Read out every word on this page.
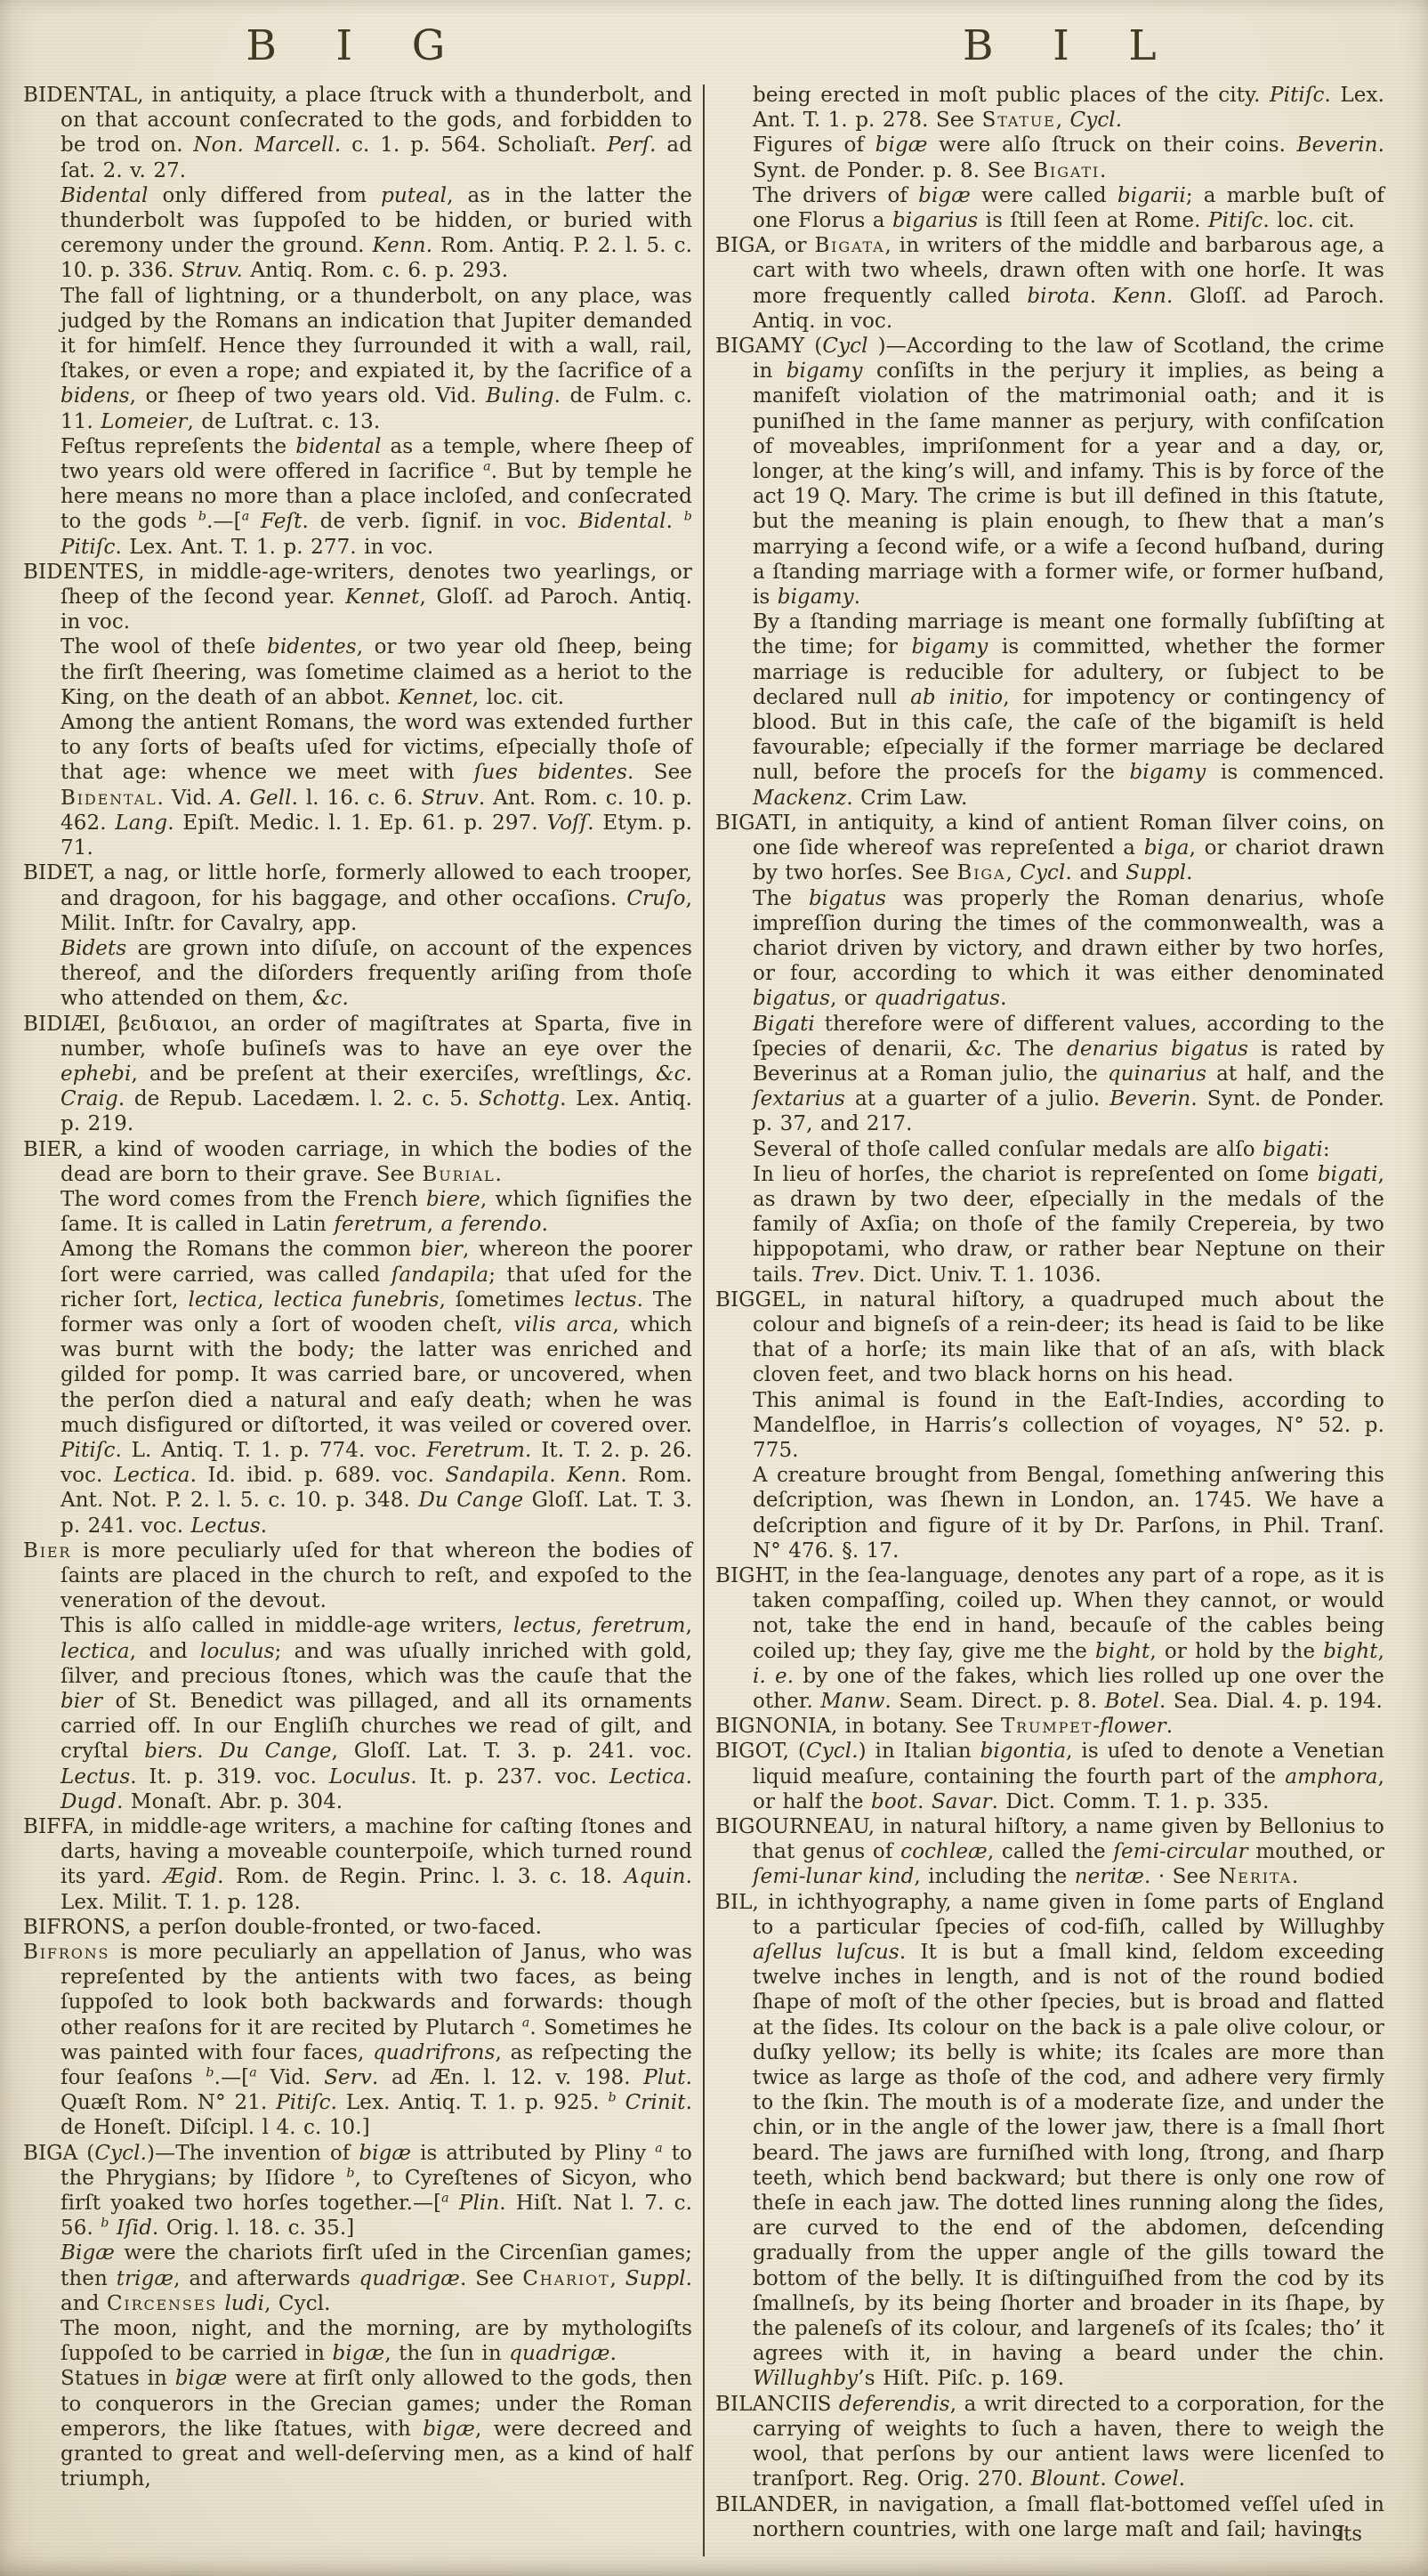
B I G	B I L

BIDENTAL, in antiquity, a place ſtruck with a thunderbolt, and on that account conſecrated to the gods, and forbidden to be trod on. Non. Marcell. c. 1. p. 564. Scholiaſt. Perſ. ad ſat. 2. v. 27.

Bidental only differed from puteal, as in the latter the thunderbolt was ſuppoſed to be hidden, or buried with ceremony under the ground. Kenn. Rom. Antiq. P. 2. l. 5. c. 10. p. 336. Struv. Antiq. Rom. c. 6. p. 293.

The fall of lightning, or a thunderbolt, on any place, was judged by the Romans an indication that Jupiter demanded it for himſelf. Hence they ſurrounded it with a wall, rail, ſtakes, or even a rope; and expiated it, by the ſacrifice of a bidens, or ſheep of two years old. Vid. Buling. de Fulm. c. 11. Lomeier, de Luſtrat. c. 13.

Feſtus repreſents the bidental as a temple, where ſheep of two years old were offered in ſacrifice $^a$. But by temple he here means no more than a place incloſed, and conſecrated to the gods $^b$.—[$^a$ Feſt. de verb. ſignif. in voc. Bidental. $^b$ Pitiſc. Lex. Ant. T. 1. p. 277. in voc.

BIDENTES, in middle-age-writers, denotes two yearlings, or ſheep of the ſecond year. Kennet, Gloſſ. ad Paroch. Antiq. in voc.

The wool of theſe bidentes, or two year old ſheep, being the firſt ſheering, was ſometime claimed as a heriot to the King, on the death of an abbot. Kennet, loc. cit.

Among the antient Romans, the word was extended further to any ſorts of beaſts uſed for victims, eſpecially thoſe of that age: whence we meet with ſues bidentes. See Bidental. Vid. A. Gell. l. 16. c. 6. Struv. Ant. Rom. c. 10. p. 462. Lang. Epiſt. Medic. l. 1. Ep. 61. p. 297. Voſſ. Etym. p. 71.

BIDET, a nag, or little horſe, formerly allowed to each trooper, and dragoon, for his baggage, and other occaſions. Cruſo, Milit. Inſtr. for Cavalry, app.

Bidets are grown into diſuſe, on account of the expences thereof, and the diſorders frequently ariſing from thoſe who attended on them, &c.

BIDIÆI, βειδιαιοι, an order of magiſtrates at Sparta, five in number, whoſe buſineſs was to have an eye over the ephebi, and be preſent at their exerciſes, wreſtlings, &c. Craig. de Repub. Lacedæm. l. 2. c. 5. Schottg. Lex. Antiq. p. 219.

BIER, a kind of wooden carriage, in which the bodies of the dead are born to their grave. See Burial.

The word comes from the French biere, which ſignifies the ſame. It is called in Latin feretrum, a ferendo.

Among the Romans the common bier, whereon the poorer ſort were carried, was called ſandapila; that uſed for the richer ſort, lectica, lectica funebris, ſometimes lectus. The former was only a ſort of wooden cheſt, vilis arca, which was burnt with the body; the latter was enriched and gilded for pomp. It was carried bare, or uncovered, when the perſon died a natural and eaſy death; when he was much disfigured or diſtorted, it was veiled or covered over. Pitiſc. L. Antiq. T. 1. p. 774. voc. Feretrum. It. T. 2. p. 26. voc. Lectica. Id. ibid. p. 689. voc. Sandapila. Kenn. Rom. Ant. Not. P. 2. l. 5. c. 10. p. 348. Du Cange Gloſſ. Lat. T. 3. p. 241. voc. Lectus.

Bier is more peculiarly uſed for that whereon the bodies of ſaints are placed in the church to reſt, and expoſed to the veneration of the devout.

This is alſo called in middle-age writers, lectus, feretrum, lectica, and loculus; and was uſually inriched with gold, ſilver, and precious ſtones, which was the cauſe that the bier of St. Benedict was pillaged, and all its ornaments carried off. In our Engliſh churches we read of gilt, and cryſtal biers. Du Cange, Gloſſ. Lat. T. 3. p. 241. voc. Lectus. It. p. 319. voc. Loculus. It. p. 237. voc. Lectica. Dugd. Monaſt. Abr. p. 304.

BIFFA, in middle-age writers, a machine for caſting ſtones and darts, having a moveable counterpoiſe, which turned round its yard. Ægid. Rom. de Regin. Princ. l. 3. c. 18. Aquin. Lex. Milit. T. 1. p. 128.

BIFRONS, a perſon double-fronted, or two-faced.

Bifrons is more peculiarly an appellation of Janus, who was repreſented by the antients with two faces, as being ſuppoſed to look both backwards and forwards: though other reaſons for it are recited by Plutarch $^a$. Sometimes he was painted with four faces, quadrifrons, as reſpecting the four ſeaſons $^b$.—[$^a$ Vid. Serv. ad Æn. l. 12. v. 198. Plut. Quæſt Rom. N° 21. Pitiſc. Lex. Antiq. T. 1. p. 925. $^b$ Crinit. de Honeſt. Diſcipl. l 4. c. 10.]

BIGA (Cycl.)—The invention of bigæ is attributed by Pliny $^a$ to the Phrygians; by Iſidore $^b$, to Cyreſtenes of Sicyon, who firſt yoaked two horſes together.—[$^a$ Plin. Hiſt. Nat l. 7. c. 56. $^b$ Iſid. Orig. l. 18. c. 35.]

Bigæ were the chariots firſt uſed in the Circenſian games; then trigæ, and afterwards quadrigæ. See Chariot, Suppl. and Circenses ludi, Cycl.

The moon, night, and the morning, are by mythologiſts ſuppoſed to be carried in bigæ, the ſun in quadrigæ.

Statues in bigæ were at firſt only allowed to the gods, then to conquerors in the Grecian games; under the Roman emperors, the like ſtatues, with bigæ, were decreed and granted to great and well-deſerving men, as a kind of half triumph,

being erected in moſt public places of the city. Pitiſc. Lex. Ant. T. 1. p. 278. See Statue, Cycl.

Figures of bigæ were alſo ſtruck on their coins. Beverin. Synt. de Ponder. p. 8. See Bigati.

The drivers of bigæ were called bigarii; a marble buſt of one Florus a bigarius is ſtill ſeen at Rome. Pitiſc. loc. cit.

BIGA, or Bigata, in writers of the middle and barbarous age, a cart with two wheels, drawn often with one horſe. It was more frequently called birota. Kenn. Gloſſ. ad Paroch. Antiq. in voc.

BIGAMY (Cycl )—According to the law of Scotland, the crime in bigamy conſiſts in the perjury it implies, as being a manifeſt violation of the matrimonial oath; and it is puniſhed in the ſame manner as perjury, with confiſcation of moveables, impriſonment for a year and a day, or, longer, at the king’s will, and infamy. This is by force of the act 19 Q. Mary. The crime is but ill defined in this ſtatute, but the meaning is plain enough, to ſhew that a man’s marrying a ſecond wife, or a wife a ſecond huſband, during a ſtanding marriage with a former wife, or former huſband, is bigamy.

By a ſtanding marriage is meant one formally ſubſiſting at the time; for bigamy is committed, whether the former marriage is reducible for adultery, or ſubject to be declared null ab initio, for impotency or contingency of blood. But in this caſe, the caſe of the bigamiſt is held favourable; eſpecially if the former marriage be declared null, before the proceſs for the bigamy is commenced. Mackenz. Crim Law.

BIGATI, in antiquity, a kind of antient Roman ſilver coins, on one ſide whereof was repreſented a biga, or chariot drawn by two horſes. See Biga, Cycl. and Suppl.

The bigatus was properly the Roman denarius, whoſe impreſſion during the times of the commonwealth, was a chariot driven by victory, and drawn either by two horſes, or four, according to which it was either denominated bigatus, or quadrigatus.

Bigati therefore were of different values, according to the ſpecies of denarii, &c. The denarius bigatus is rated by Beverinus at a Roman julio, the quinarius at half, and the ſextarius at a guarter of a julio. Beverin. Synt. de Ponder. p. 37, and 217.

Several of thoſe called conſular medals are alſo bigati:

In lieu of horſes, the chariot is repreſented on ſome bigati, as drawn by two deer, eſpecially in the medals of the family of Axſia; on thoſe of the family Crepereia, by two hippopotami, who draw, or rather bear Neptune on their tails. Trev. Dict. Univ. T. 1. 1036.

BIGGEL, in natural hiſtory, a quadruped much about the colour and bigneſs of a rein-deer; its head is ſaid to be like that of a horſe; its main like that of an aſs, with black cloven feet, and two black horns on his head.

This animal is found in the Eaſt-Indies, according to Mandelfloe, in Harris’s collection of voyages, N° 52. p. 775.

A creature brought from Bengal, ſomething anſwering this deſcription, was ſhewn in London, an. 1745. We have a deſcription and figure of it by Dr. Parſons, in Phil. Tranſ. N° 476. §. 17.

BIGHT, in the ſea-language, denotes any part of a rope, as it is taken compaſſing, coiled up. When they cannot, or would not, take the end in hand, becauſe of the cables being coiled up; they ſay, give me the bight, or hold by the bight, i. e. by one of the fakes, which lies rolled up one over the other. Manw. Seam. Direct. p. 8. Botel. Sea. Dial. 4. p. 194.

BIGNONIA, in botany. See Trumpet-flower.

BIGOT, (Cycl.) in Italian bigontia, is uſed to denote a Venetian liquid meaſure, containing the fourth part of the amphora, or half the boot. Savar. Dict. Comm. T. 1. p. 335.

BIGOURNEAU, in natural hiſtory, a name given by Bellonius to that genus of cochleæ, called the ſemi-circular mouthed, or ſemi-lunar kind, including the neritæ. · See Nerita.

BIL, in ichthyography, a name given in ſome parts of England to a particular ſpecies of cod-fiſh, called by Willughby aſellus luſcus. It is but a ſmall kind, ſeldom exceeding twelve inches in length, and is not of the round bodied ſhape of moſt of the other ſpecies, but is broad and flatted at the ſides. Its colour on the back is a pale olive colour, or duſky yellow; its belly is white; its ſcales are more than twice as large as thoſe of the cod, and adhere very firmly to the ſkin. The mouth is of a moderate ſize, and under the chin, or in the angle of the lower jaw, there is a ſmall ſhort beard. The jaws are furniſhed with long, ſtrong, and ſharp teeth, which bend backward; but there is only one row of theſe in each jaw. The dotted lines running along the ſides, are curved to the end of the abdomen, deſcending gradually from the upper angle of the gills toward the bottom of the belly. It is diſtinguiſhed from the cod by its ſmallneſs, by its being ſhorter and broader in its ſhape, by the paleneſs of its colour, and largeneſs of its ſcales; tho’ it agrees with it, in having a beard under the chin. Willughby’s Hiſt. Piſc. p. 169.

BILANCIIS deferendis, a writ directed to a corporation, for the carrying of weights to ſuch a haven, there to weigh the wool, that perſons by our antient laws were licenſed to tranſport. Reg. Orig. 270. Blount. Cowel.

BILANDER, in navigation, a ſmall flat-bottomed veſſel uſed in northern countries, with one large maſt and ſail; having

its
